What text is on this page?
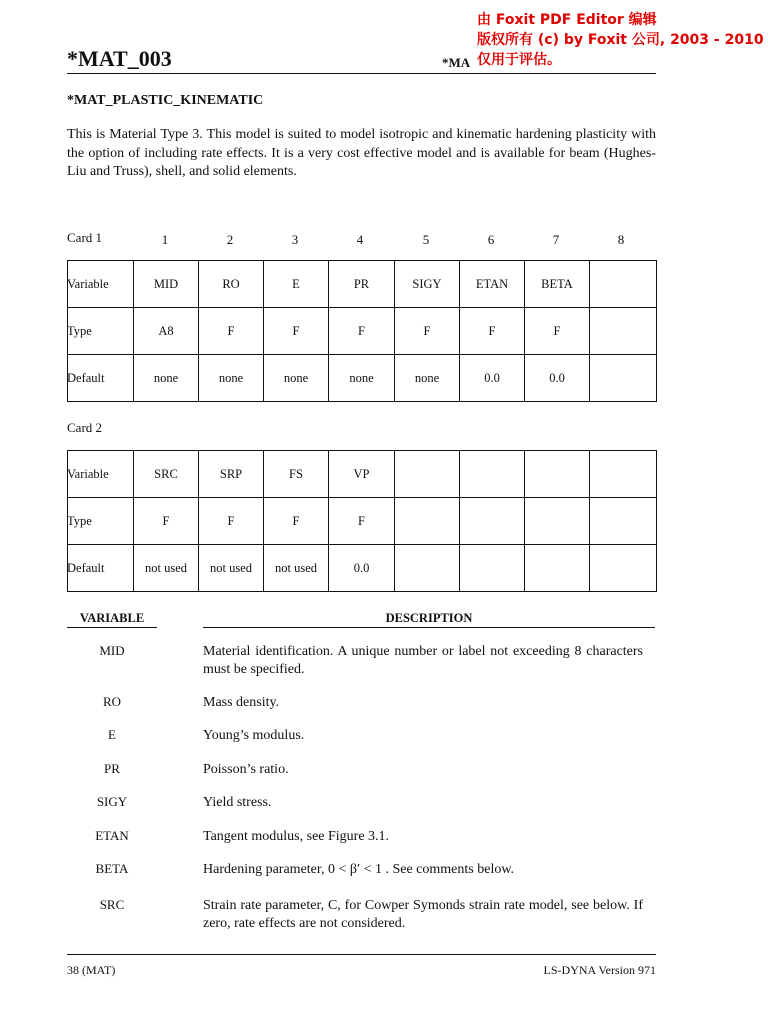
由 Foxit PDF Editor 编辑
版权所有 (c) by Foxit 公司, 2003 - 2010
仅用于评估。
*MAT_003	*MA
*MAT_PLASTIC_KINEMATIC
This is Material Type 3. This model is suited to model isotropic and kinematic hardening plasticity with the option of including rate effects. It is a very cost effective model and is available for beam (Hughes-Liu and Truss), shell, and solid elements.
Card 1	1	2	3	4	5	6	7	8
Variable	MID	RO	E	PR	SIGY	ETAN	BETA	
Type	A8	F	F	F	F	F	F	
Default	none	none	none	none	none	0.0	0.0	
Card 2
Variable	SRC	SRP	FS	VP				
Type	F	F	F	F				
Default	not used	not used	not used	0.0				
VARIABLE	DESCRIPTION
MID	Material identification. A unique number or label not exceeding 8 characters must be specified.
RO	Mass density.
E	Young’s modulus.
PR	Poisson’s ratio.
SIGY	Yield stress.
ETAN	Tangent modulus, see Figure 3.1.
BETA	Hardening parameter, 0 < β′ < 1 . See comments below.
SRC	Strain rate parameter, C, for Cowper Symonds strain rate model, see below. If zero, rate effects are not considered.
38 (MAT)	LS-DYNA Version 971
